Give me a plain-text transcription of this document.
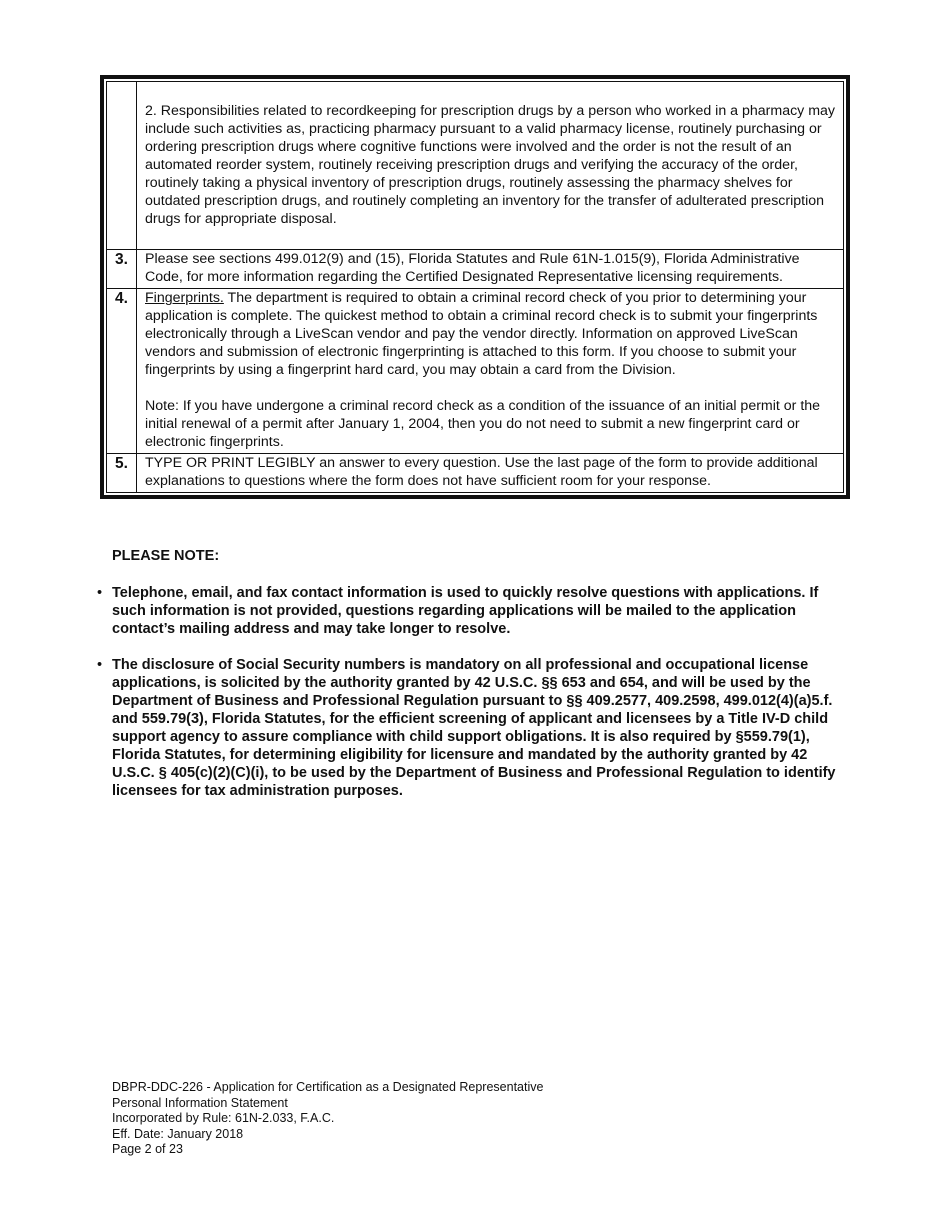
	2. Responsibilities related to recordkeeping for prescription drugs by a person who worked in a pharmacy may include such activities as, practicing pharmacy pursuant to a valid pharmacy license, routinely purchasing or ordering prescription drugs where cognitive functions were involved and the order is not the result of an automated reorder system, routinely receiving prescription drugs and verifying the accuracy of the order, routinely taking a physical inventory of prescription drugs, routinely assessing the pharmacy shelves for outdated prescription drugs, and routinely completing an inventory for the transfer of adulterated prescription drugs for appropriate disposal.
3.	Please see sections 499.012(9) and (15), Florida Statutes and Rule 61N-1.015(9), Florida Administrative Code, for more information regarding the Certified Designated Representative licensing requirements.
4.	Fingerprints. The department is required to obtain a criminal record check of you prior to determining your application is complete. The quickest method to obtain a criminal record check is to submit your fingerprints electronically through a LiveScan vendor and pay the vendor directly. Information on approved LiveScan vendors and submission of electronic fingerprinting is attached to this form. If you choose to submit your fingerprints by using a fingerprint hard card, you may obtain a card from the Division.
Note: If you have undergone a criminal record check as a condition of the issuance of an initial permit or the initial renewal of a permit after January 1, 2004, then you do not need to submit a new fingerprint card or electronic fingerprints.

5.	TYPE OR PRINT LEGIBLY an answer to every question. Use the last page of the form to provide additional explanations to questions where the form does not have sufficient room for your response.
PLEASE NOTE:
• Telephone, email, and fax contact information is used to quickly resolve questions with applications. If such information is not provided, questions regarding applications will be mailed to the application contact’s mailing address and may take longer to resolve.
• The disclosure of Social Security numbers is mandatory on all professional and occupational license applications, is solicited by the authority granted by 42 U.S.C. §§ 653 and 654, and will be used by the Department of Business and Professional Regulation pursuant to §§ 409.2577, 409.2598, 499.012(4)(a)5.f. and 559.79(3), Florida Statutes, for the efficient screening of applicant and licensees by a Title IV-D child support agency to assure compliance with child support obligations. It is also required by §559.79(1), Florida Statutes, for determining eligibility for licensure and mandated by the authority granted by 42 U.S.C. § 405(c)(2)(C)(i), to be used by the Department of Business and Professional Regulation to identify licensees for tax administration purposes.
DBPR-DDC-226 - Application for Certification as a Designated Representative
Personal Information Statement
Incorporated by Rule: 61N-2.033, F.A.C.
Eff. Date: January 2018
Page 2 of 23
